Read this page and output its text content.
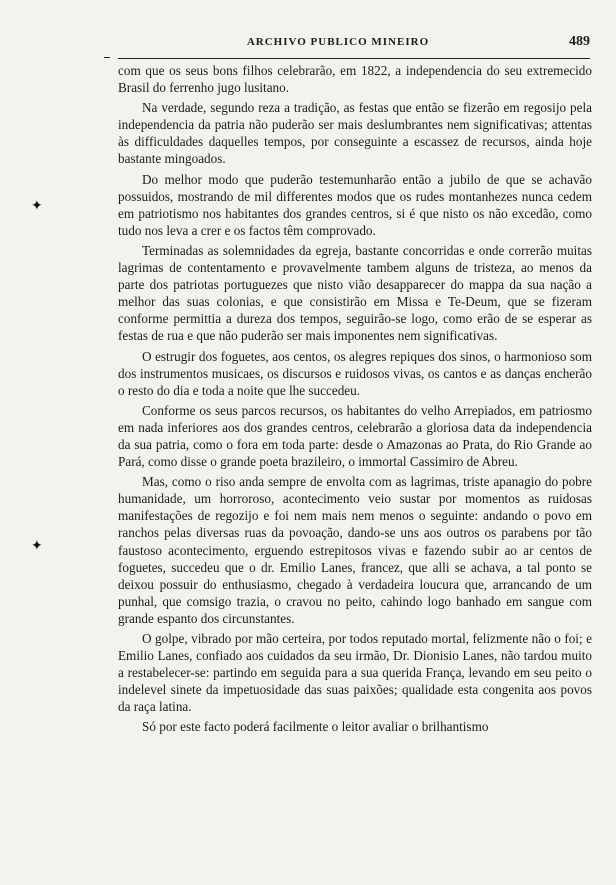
ARCHIVO PUBLICO MINEIRO	489
✦
✦

com que os seus bons filhos celebrarão, em 1822, a independencia do seu extremecido Brasil do ferrenho jugo lusitano.

Na verdade, segundo reza a tradição, as festas que então se fizerão em regosijo pela independencia da patria não puderão ser mais deslumbrantes nem significativas; attentas às difficuldades daquelles tempos, por conseguinte a escassez de recursos, ainda hoje bastante mingoados.

Do melhor modo que puderão testemunharão então a jubilo de que se achavão possuidos, mostrando de mil differentes modos que os rudes montanhezes nunca cedem em patriotismo nos habitantes dos grandes centros, si é que nisto os não excedão, como tudo nos leva a crer e os factos têm comprovado.

Terminadas as solemnidades da egreja, bastante concorridas e onde correrão muitas lagrimas de contentamento e provavelmente tambem alguns de tristeza, ao menos da parte dos patriotas portuguezes que nisto vião desapparecer do mappa da sua nação a melhor das suas colonias, e que consistirão em Missa e Te-Deum, que se fizeram conforme permittia a dureza dos tempos, seguirão-se logo, como erão de se esperar as festas de rua e que não puderão ser mais imponentes nem significativas.

O estrugir dos foguetes, aos centos, os alegres repiques dos sinos, o harmonioso som dos instrumentos musicaes, os discursos e ruidosos vivas, os cantos e as danças encherão o resto do dia e toda a noite que lhe succedeu.

Conforme os seus parcos recursos, os habitantes do velho Arrepiados, em patriosmo em nada inferiores aos dos grandes centros, celebrarão a gloriosa data da independencia da sua patria, como o fora em toda parte: desde o Amazonas ao Prata, do Rio Grande ao Pará, como disse o grande poeta brazileiro, o immortal Cassimiro de Abreu.

Mas, como o riso anda sempre de envolta com as lagrimas, triste apanagio do pobre humanidade, um horroroso, acontecimento veio sustar por momentos as ruidosas manifestações de regozijo e foi nem mais nem menos o seguinte: andando o povo em ranchos pelas diversas ruas da povoação, dando-se uns aos outros os parabens por tão faustoso acontecimento, erguendo estrepitosos vivas e fazendo subir ao ar centos de foguetes, succedeu que o dr. Emilio Lanes, francez, que alli se achava, a tal ponto se deixou possuir do enthusiasmo, chegado à verdadeira loucura que, arrancando de um punhal, que comsigo trazia, o cravou no peito, cahindo logo banhado em sangue com grande espanto dos circunstantes.

O golpe, vibrado por mão certeira, por todos reputado mortal, felizmente não o foi; e Emilio Lanes, confiado aos cuidados da seu irmão, Dr. Dionisio Lanes, não tardou muito a restabelecer-se: partindo em seguida para a sua querida França, levando em seu peito o indelevel sinete da impetuosidade das suas paixões; qualidade esta congenita aos povos da raça latina.

Só por este facto poderá facilmente o leitor avaliar o brilhantismo
